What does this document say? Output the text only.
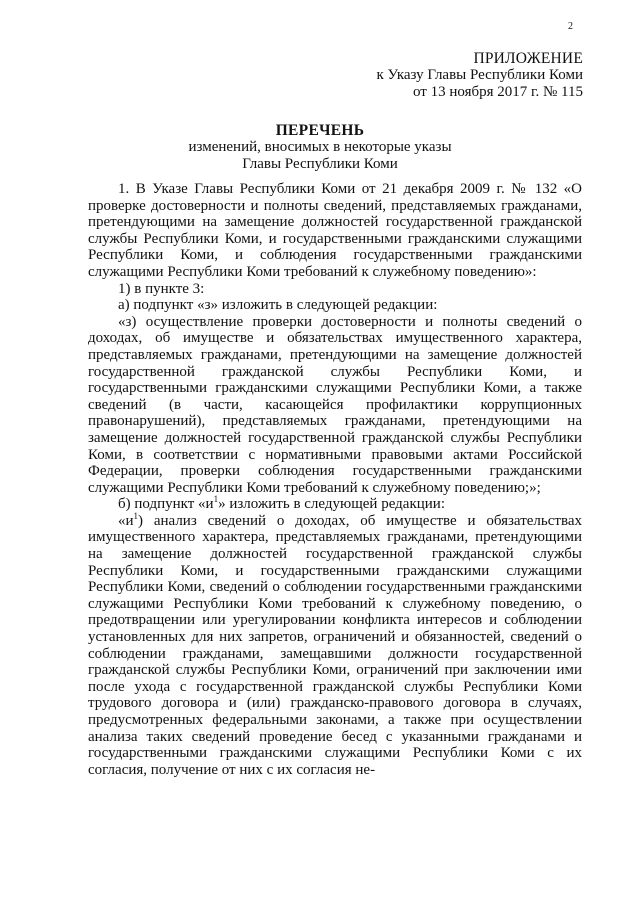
2
ПРИЛОЖЕНИЕ
к Указу Главы Республики Коми
от 13 ноября 2017 г. № 115
ПЕРЕЧЕНЬ
изменений, вносимых в некоторые указы
Главы Республики Коми

1. В Указе Главы Республики Коми от 21 декабря 2009 г. № 132 «О проверке достоверности и полноты сведений, представляемых гражданами, претендующими на замещение должностей государственной гражданской службы Республики Коми, и государственными гражданскими служащими Республики Коми, и соблюдения государственными гражданскими служащими Республики Коми требований к служебному поведению»:

1) в пункте 3:

а) подпункт «з» изложить в следующей редакции:

«з) осуществление проверки достоверности и полноты сведений о доходах, об имуществе и обязательствах имущественного характера, представляемых гражданами, претендующими на замещение должностей государственной гражданской службы Республики Коми, и государственными гражданскими служащими Республики Коми, а также сведений (в части, касающейся профилактики коррупционных правонарушений), представляемых гражданами, претендующими на замещение должностей государственной гражданской службы Республики Коми, в соответствии с нормативными правовыми актами Российской Федерации, проверки соблюдения государственными гражданскими служащими Республики Коми требований к служебному поведению;»;

б) подпункт «$и^1$» изложить в следующей редакции:

«$и^1$) анализ сведений о доходах, об имуществе и обязательствах имущественного характера, представляемых гражданами, претендующими на замещение должностей государственной гражданской службы Республики Коми, и государственными гражданскими служащими Республики Коми, сведений о соблюдении государственными гражданскими служащими Республики Коми требований к служебному поведению, о предотвращении или урегулировании конфликта интересов и соблюдении установленных для них запретов, ограничений и обязанностей, сведений о соблюдении гражданами, замещавшими должности государственной гражданской службы Республики Коми, ограничений при заключении ими после ухода с государственной гражданской службы Республики Коми трудового договора и (или) гражданско-правового договора в случаях, предусмотренных федеральными законами, а также при осуществлении анализа таких сведений проведение бесед с указанными гражданами и государственными гражданскими служащими Республики Коми с их согласия, получение от них с их согласия не-
